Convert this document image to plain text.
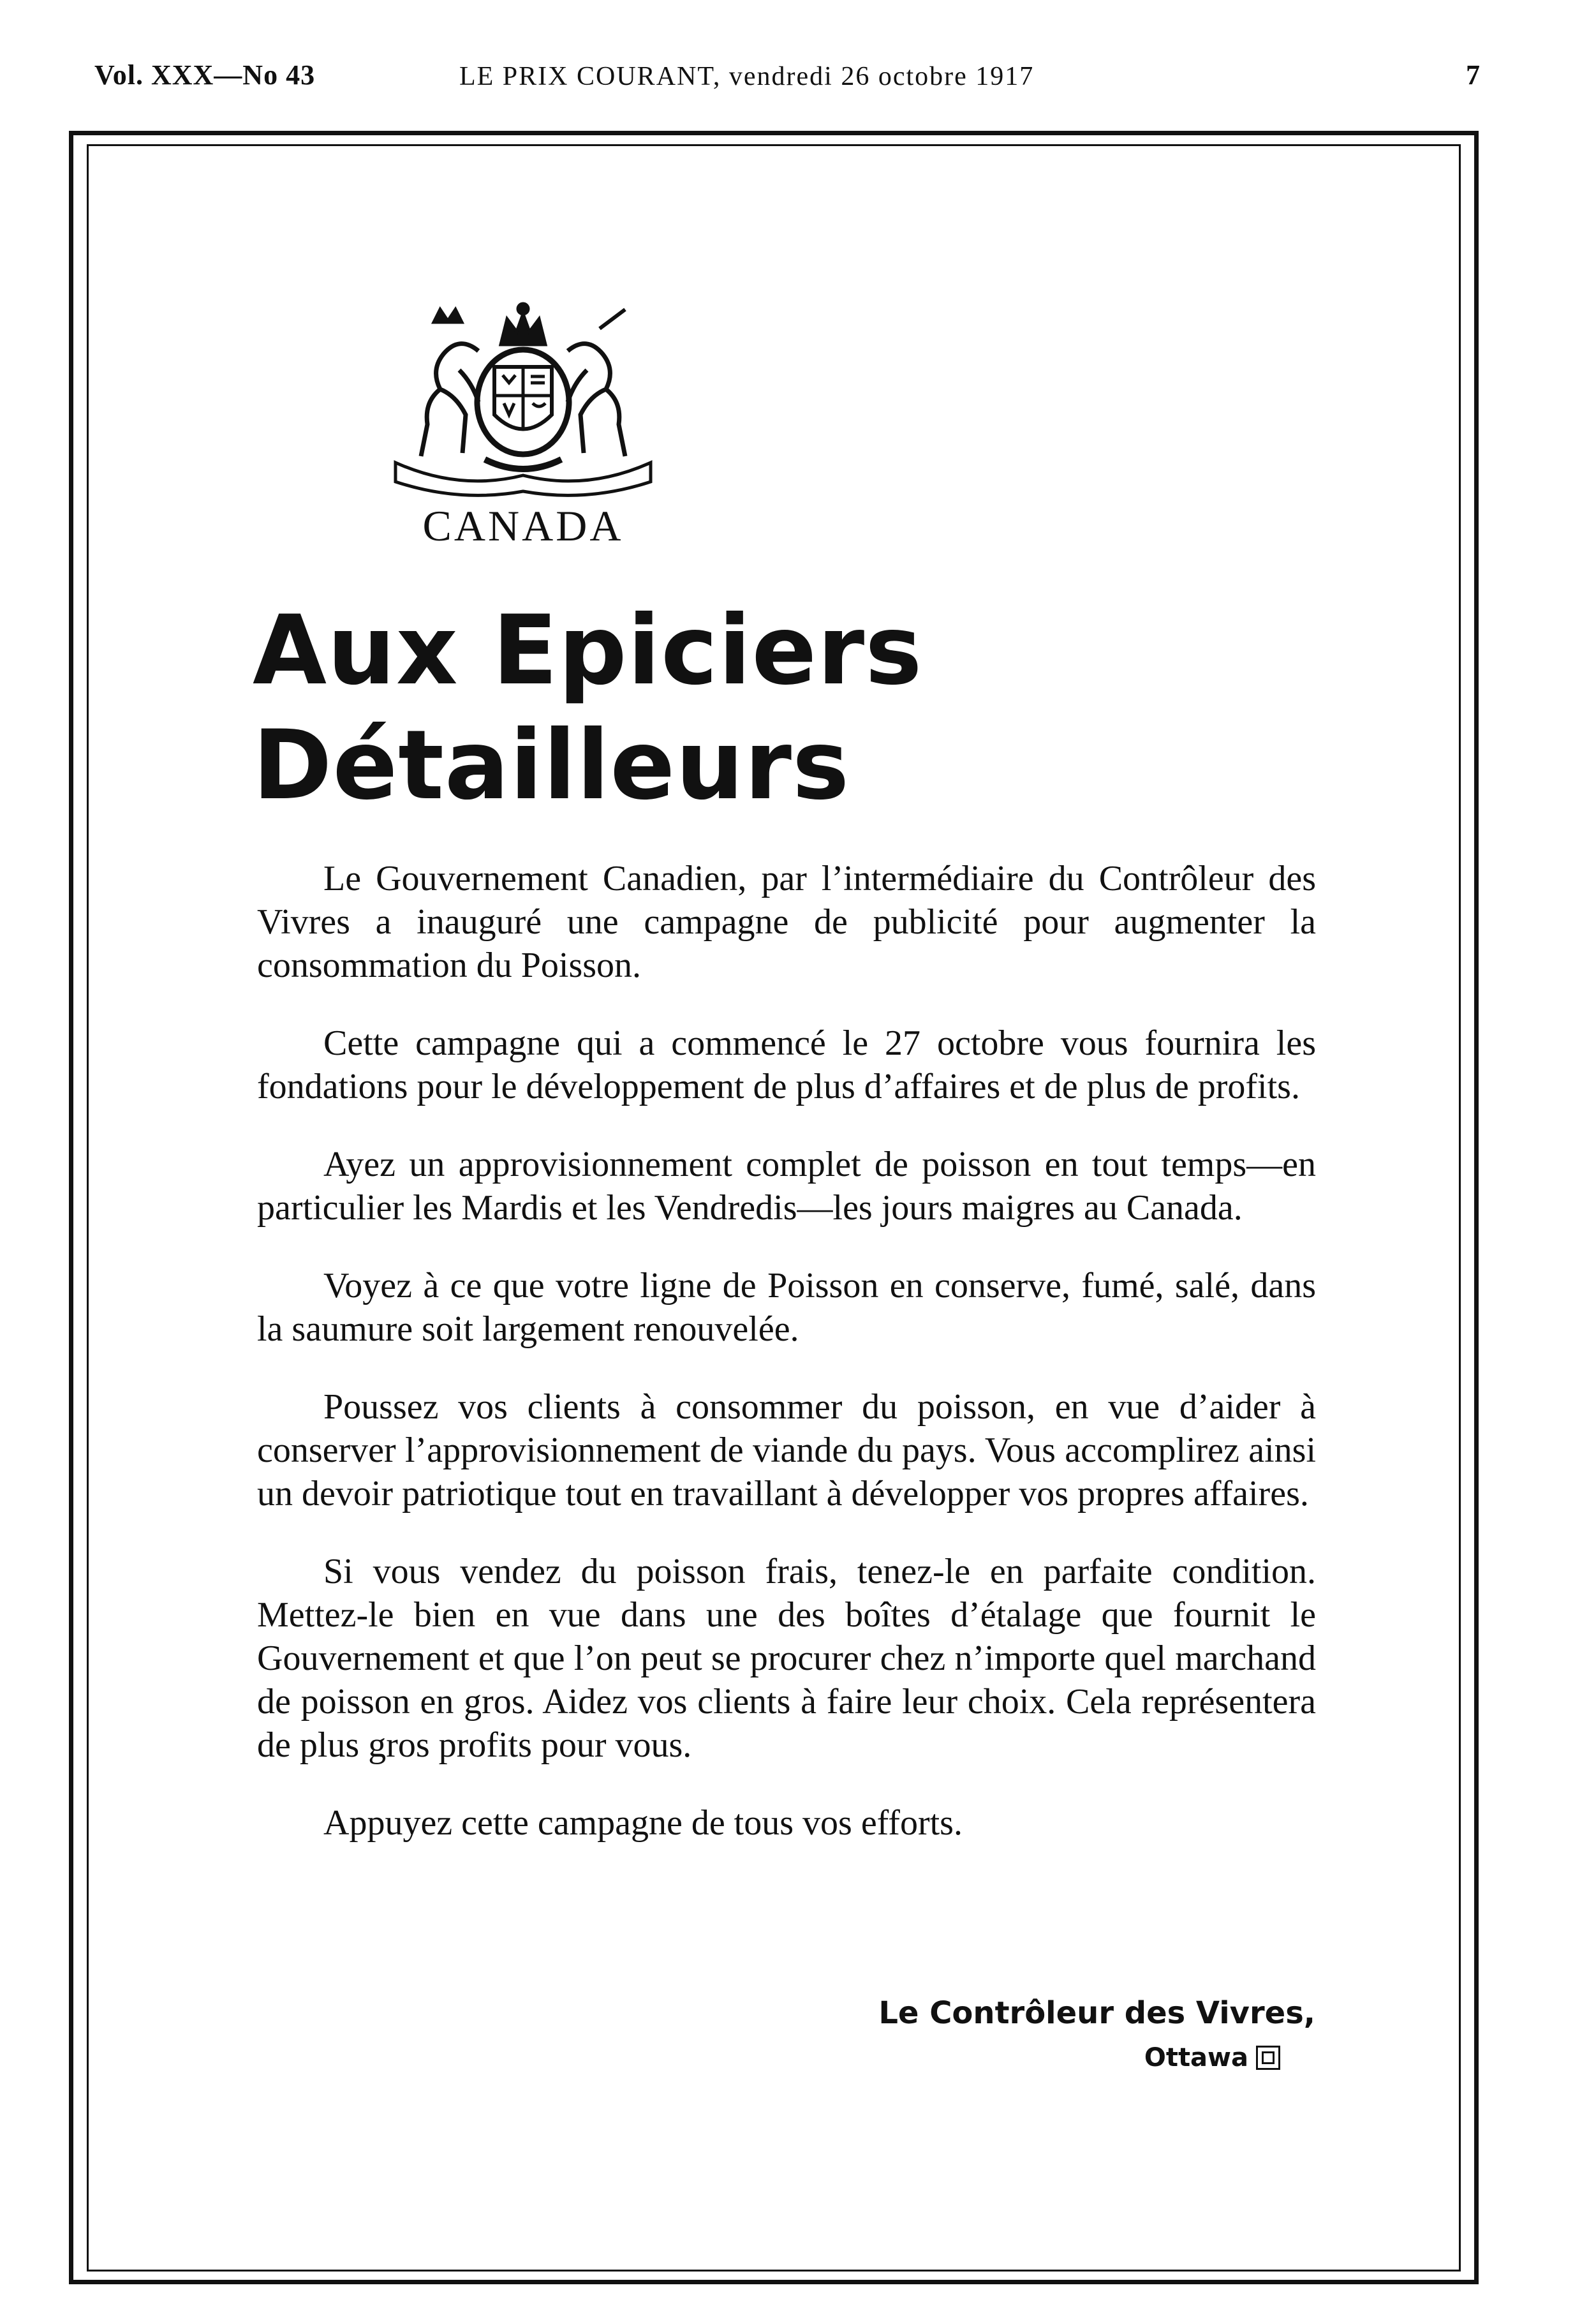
Vol. XXX—No 43	LE PRIX COURANT, vendredi 26 octobre 1917	7
CANADA
Aux Epiciers
Détailleurs

Le Gouvernement Canadien, par l’intermédiaire du Contrôleur des Vivres a inauguré une campagne de publicité pour augmenter la consommation du Poisson.

Cette campagne qui a commencé le 27 octobre vous fournira les fondations pour le développement de plus d’affaires et de plus de profits.

Ayez un approvisionnement complet de poisson en tout temps—en particulier les Mardis et les Vendredis—les jours maigres au Canada.

Voyez à ce que votre ligne de Poisson en conserve, fumé, salé, dans la saumure soit largement renouvelée.

Poussez vos clients à consommer du poisson, en vue d’aider à conserver l’approvisionnement de viande du pays. Vous accomplirez ainsi un devoir patriotique tout en travaillant à développer vos propres affaires.

Si vous vendez du poisson frais, tenez-le en parfaite condition. Mettez-le bien en vue dans une des boîtes d’étalage que fournit le Gouvernement et que l’on peut se procurer chez n’importe quel marchand de poisson en gros. Aidez vos clients à faire leur choix. Cela représentera de plus gros profits pour vous.

Appuyez cette campagne de tous vos efforts.

Le Contrôleur des Vivres,
Ottawa
